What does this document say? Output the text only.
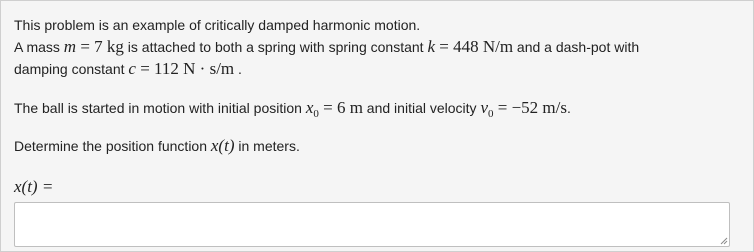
This problem is an example of critically damped harmonic motion.
A mass m = 7 kg is attached to both a spring with spring constant k = 448 N/m and a dash-pot with
damping constant c = 112 N · s/m .
The ball is started in motion with initial position $x_0 = 6$ m and initial velocity $v_0 = -52$ m/s.
Determine the position function x(t) in meters.
x(t) =
